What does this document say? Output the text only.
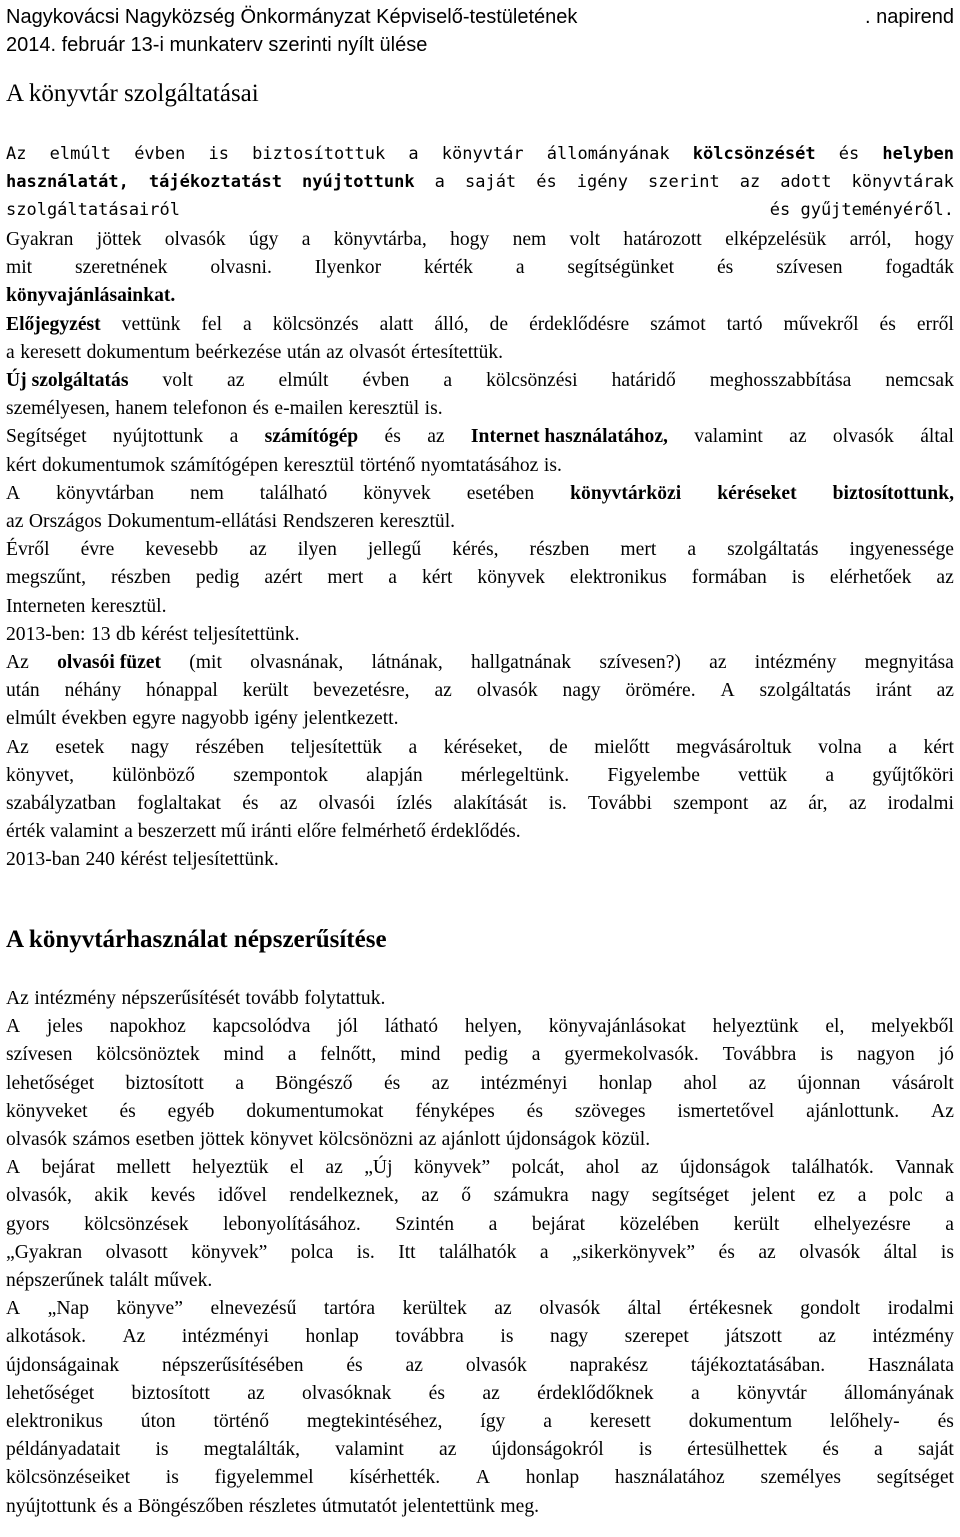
Nagykovácsi Nagyközség Önkormányzat Képviselő-testületének	. napirend
2014. február 13-i munkaterv szerinti nyílt ülése
A könyvtár szolgáltatásai
Az elmúlt évben is biztosítottuk a könyvtár állományának kölcsönzését és helyben
használatát, tájékoztatást nyújtottunk a saját és igény szerint az adott könyvtárak
szolgáltatásairól	és gyűjteményéről.
Gyakran jöttek olvasók úgy a könyvtárba, hogy nem volt határozott elképzelésük arról, hogy
mit szeretnének olvasni. Ilyenkor kérték a segítségünket és szívesen fogadták
könyvajánlásainkat.
Előjegyzést vettünk fel a kölcsönzés alatt álló, de érdeklődésre számot tartó művekről és erről
a keresett dokumentum beérkezése után az olvasót értesítettük.
Új szolgáltatás volt az elmúlt évben a kölcsönzési határidő meghosszabbítása nemcsak
személyesen, hanem telefonon és e-mailen keresztül is.
Segítséget nyújtottunk a számítógép és az Internet használatához, valamint az olvasók által
kért dokumentumok számítógépen keresztül történő nyomtatásához is.
A könyvtárban nem található könyvek esetében könyvtárközi kéréseket biztosítottunk,
az Országos Dokumentum-ellátási Rendszeren keresztül.
Évről évre kevesebb az ilyen jellegű kérés, részben mert a szolgáltatás ingyenessége
megszűnt, részben pedig azért mert a kért könyvek elektronikus formában is elérhetőek az
Interneten keresztül.
2013-ben: 13 db kérést teljesítettünk.
Az olvasói füzet (mit olvasnának, látnának, hallgatnának szívesen?) az intézmény megnyitása
után néhány hónappal került bevezetésre, az olvasók nagy örömére. A szolgáltatás iránt az
elmúlt években egyre nagyobb igény jelentkezett.
Az esetek nagy részében teljesítettük a kéréseket, de mielőtt megvásároltuk volna a kért
könyvet, különböző szempontok alapján mérlegeltünk. Figyelembe vettük a gyűjtőköri
szabályzatban foglaltakat és az olvasói ízlés alakítását is. További szempont az ár, az irodalmi
érték valamint a beszerzett mű iránti előre felmérhető érdeklődés.
2013-ban 240 kérést teljesítettünk.
A könyvtárhasználat népszerűsítése
Az intézmény népszerűsítését tovább folytattuk.
A jeles napokhoz kapcsolódva jól látható helyen, könyvajánlásokat helyeztünk el, melyekből
szívesen kölcsönöztek mind a felnőtt, mind pedig a gyermekolvasók. Továbbra is nagyon jó
lehetőséget biztosított a Böngésző és az intézményi honlap ahol az újonnan vásárolt
könyveket és egyéb dokumentumokat fényképes és szöveges ismertetővel ajánlottunk. Az
olvasók számos esetben jöttek könyvet kölcsönözni az ajánlott újdonságok közül.
A bejárat mellett helyeztük el az „Új könyvek” polcát, ahol az újdonságok találhatók. Vannak
olvasók, akik kevés idővel rendelkeznek, az ő számukra nagy segítséget jelent ez a polc a
gyors kölcsönzések lebonyolításához. Szintén a bejárat közelében került elhelyezésre a
„Gyakran olvasott könyvek” polca is. Itt találhatók a „sikerkönyvek” és az olvasók által is
népszerűnek talált művek.
A „Nap könyve” elnevezésű tartóra kerültek az olvasók által értékesnek gondolt irodalmi
alkotások. Az intézményi honlap továbbra is nagy szerepet játszott az intézmény
újdonságainak népszerűsítésében és az olvasók naprakész tájékoztatásában. Használata
lehetőséget biztosított az olvasóknak és az érdeklődőknek a könyvtár állományának
elektronikus úton történő megtekintéséhez, így a keresett dokumentum lelőhely- és
példányadatait is megtalálták, valamint az újdonságokról is értesülhettek és a saját
kölcsönzéseiket is figyelemmel kísérhették. A honlap használatához személyes segítséget
nyújtottunk és a Böngészőben részletes útmutatót jelentettünk meg.
